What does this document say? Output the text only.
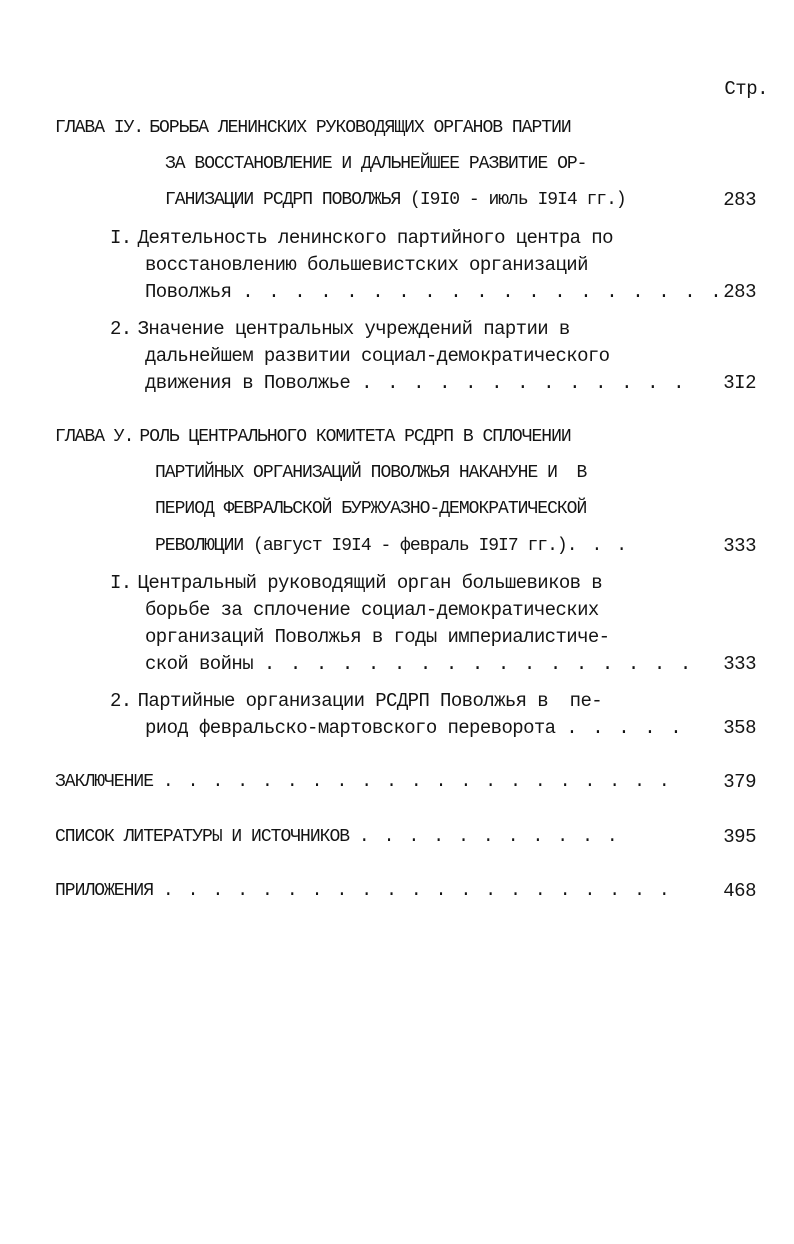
Стр.
ГЛАВА IУ. БОРЬБА ЛЕНИНСКИХ РУКОВОДЯЩИХ ОРГАНОВ ПАРТИИ
ЗА ВОССТАНОВЛЕНИЕ И ДАЛЬНЕЙШЕЕ РАЗВИТИЕ ОР-
ГАНИЗАЦИИ РСДРП ПОВОЛЖЬЯ (I9I0 - июль I9I4 гг.)	283
I. Деятельность ленинского партийного центра по
восстановлению большевистских организаций
Поволжья . . . . . . . . . . . . . . . . . . . 283
2. Значение центральных учреждений партии в
дальнейшем развитии социал-демократического
движения в Поволжье . . . . . . . . . . . . . 3I2
ГЛАВА У. РОЛЬ ЦЕНТРАЛЬНОГО КОМИТЕТА РСДРП В СПЛОЧЕНИИ
ПАРТИЙНЫХ ОРГАНИЗАЦИЙ ПОВОЛЖЬЯ НАКАНУНЕ И  В
ПЕРИОД ФЕВРАЛЬСКОЙ БУРЖУАЗНО-ДЕМОКРАТИЧЕСКОЙ
РЕВОЛЮЦИИ (август I9I4 - февраль I9I7 гг.). . .	333
I. Центральный руководящий орган большевиков в
борьбе за сплочение социал-демократических
организаций Поволжья в годы империалистиче-
ской войны . . . . . . . . . . . . . . . . . 333
2. Партийные организации РСДРП Поволжья в  пе-
риод февральско-мартовского переворота . . . . . 358
ЗАКЛЮЧЕНИЕ . . . . . . . . . . . . . . . . . . . . .	379
СПИСОК ЛИТЕРАТУРЫ И ИСТОЧНИКОВ . . . . . . . . . . .	395
ПРИЛОЖЕНИЯ . . . . . . . . . . . . . . . . . . . . .	468
